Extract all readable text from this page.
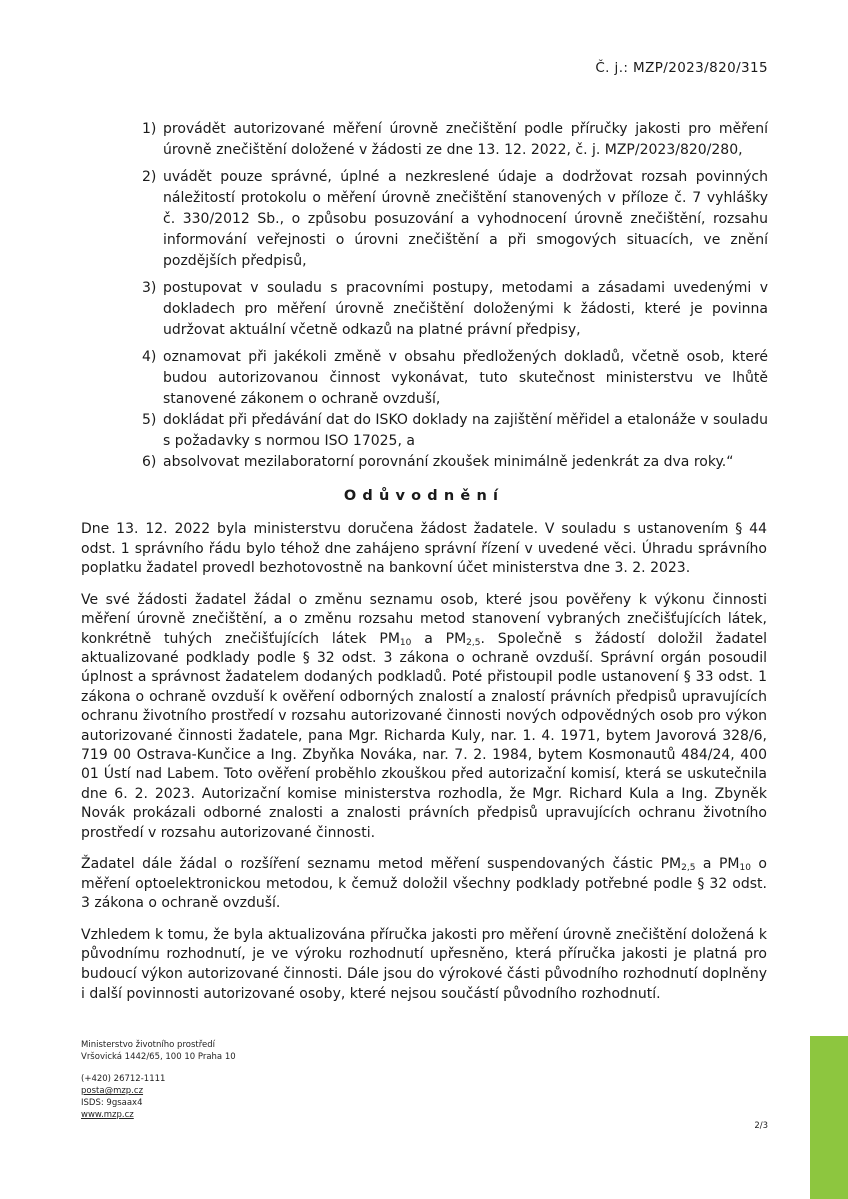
Č. j.: MZP/2023/820/315
1) provádět autorizované měření úrovně znečištění podle příručky jakosti pro měření úrovně znečištění doložené v žádosti ze dne 13. 12. 2022, č. j. MZP/2023/820/280,
2) uvádět pouze správné, úplné a nezkreslené údaje a dodržovat rozsah povinných náležitostí protokolu o měření úrovně znečištění stanovených v příloze č. 7 vyhlášky č. 330/2012 Sb., o způsobu posuzování a vyhodnocení úrovně znečištění, rozsahu informování veřejnosti o úrovni znečištění a při smogových situacích, ve znění pozdějších předpisů,
3) postupovat v souladu s pracovními postupy, metodami a zásadami uvedenými v dokladech pro měření úrovně znečištění doloženými k žádosti, které je povinna udržovat aktuální včetně odkazů na platné právní předpisy,
4) oznamovat při jakékoli změně v obsahu předložených dokladů, včetně osob, které budou autorizovanou činnost vykonávat, tuto skutečnost ministerstvu ve lhůtě stanovené zákonem o ochraně ovzduší,
5) dokládat při předávání dat do ISKO doklady na zajištění měřidel a etalonáže v souladu s požadavky s normou ISO 17025, a
6) absolvovat mezilaboratorní porovnání zkoušek minimálně jedenkrát za dva roky.“
Odůvodnění

Dne 13. 12. 2022 byla ministerstvu doručena žádost žadatele. V souladu s ustanovením § 44 odst. 1 správního řádu bylo téhož dne zahájeno správní řízení v uvedené věci. Úhradu správního poplatku žadatel provedl bezhotovostně na bankovní účet ministerstva dne 3. 2. 2023.

Ve své žádosti žadatel žádal o změnu seznamu osob, které jsou pověřeny k výkonu činnosti měření úrovně znečištění, a o změnu rozsahu metod stanovení vybraných znečišťujících látek, konkrétně tuhých znečišťujících látek $PM_{10}$ a $PM_{2,5}$. Společně s žádostí doložil žadatel aktualizované podklady podle § 32 odst. 3 zákona o ochraně ovzduší. Správní orgán posoudil úplnost a správnost žadatelem dodaných podkladů. Poté přistoupil podle ustanovení § 33 odst. 1 zákona o ochraně ovzduší k ověření odborných znalostí a znalostí právních předpisů upravujících ochranu životního prostředí v rozsahu autorizované činnosti nových odpovědných osob pro výkon autorizované činnosti žadatele, pana Mgr. Richarda Kuly, nar. 1. 4. 1971, bytem Javorová 328/6, 719 00 Ostrava-Kunčice a Ing. Zbyňka Nováka, nar. 7. 2. 1984, bytem Kosmonautů 484/24, 400 01 Ústí nad Labem. Toto ověření proběhlo zkouškou před autorizační komisí, která se uskutečnila dne 6. 2. 2023. Autorizační komise ministerstva rozhodla, že Mgr. Richard Kula a Ing. Zbyněk Novák prokázali odborné znalosti a znalosti právních předpisů upravujících ochranu životního prostředí v rozsahu autorizované činnosti.

Žadatel dále žádal o rozšíření seznamu metod měření suspendovaných částic $PM_{2,5}$ a $PM_{10}$ o měření optoelektronickou metodou, k čemuž doložil všechny podklady potřebné podle § 32 odst. 3 zákona o ochraně ovzduší.

Vzhledem k tomu, že byla aktualizována příručka jakosti pro měření úrovně znečištění doložená k původnímu rozhodnutí, je ve výroku rozhodnutí upřesněno, která příručka jakosti je platná pro budoucí výkon autorizované činnosti. Dále jsou do výrokové části původního rozhodnutí doplněny i další povinnosti autorizované osoby, které nejsou součástí původního rozhodnutí.

Ministerstvo životního prostředí
Vršovická 1442/65, 100 10 Praha 10
(+420) 26712-1111
posta@mzp.cz
ISDS: 9gsaax4
www.mzp.cz
2/3
